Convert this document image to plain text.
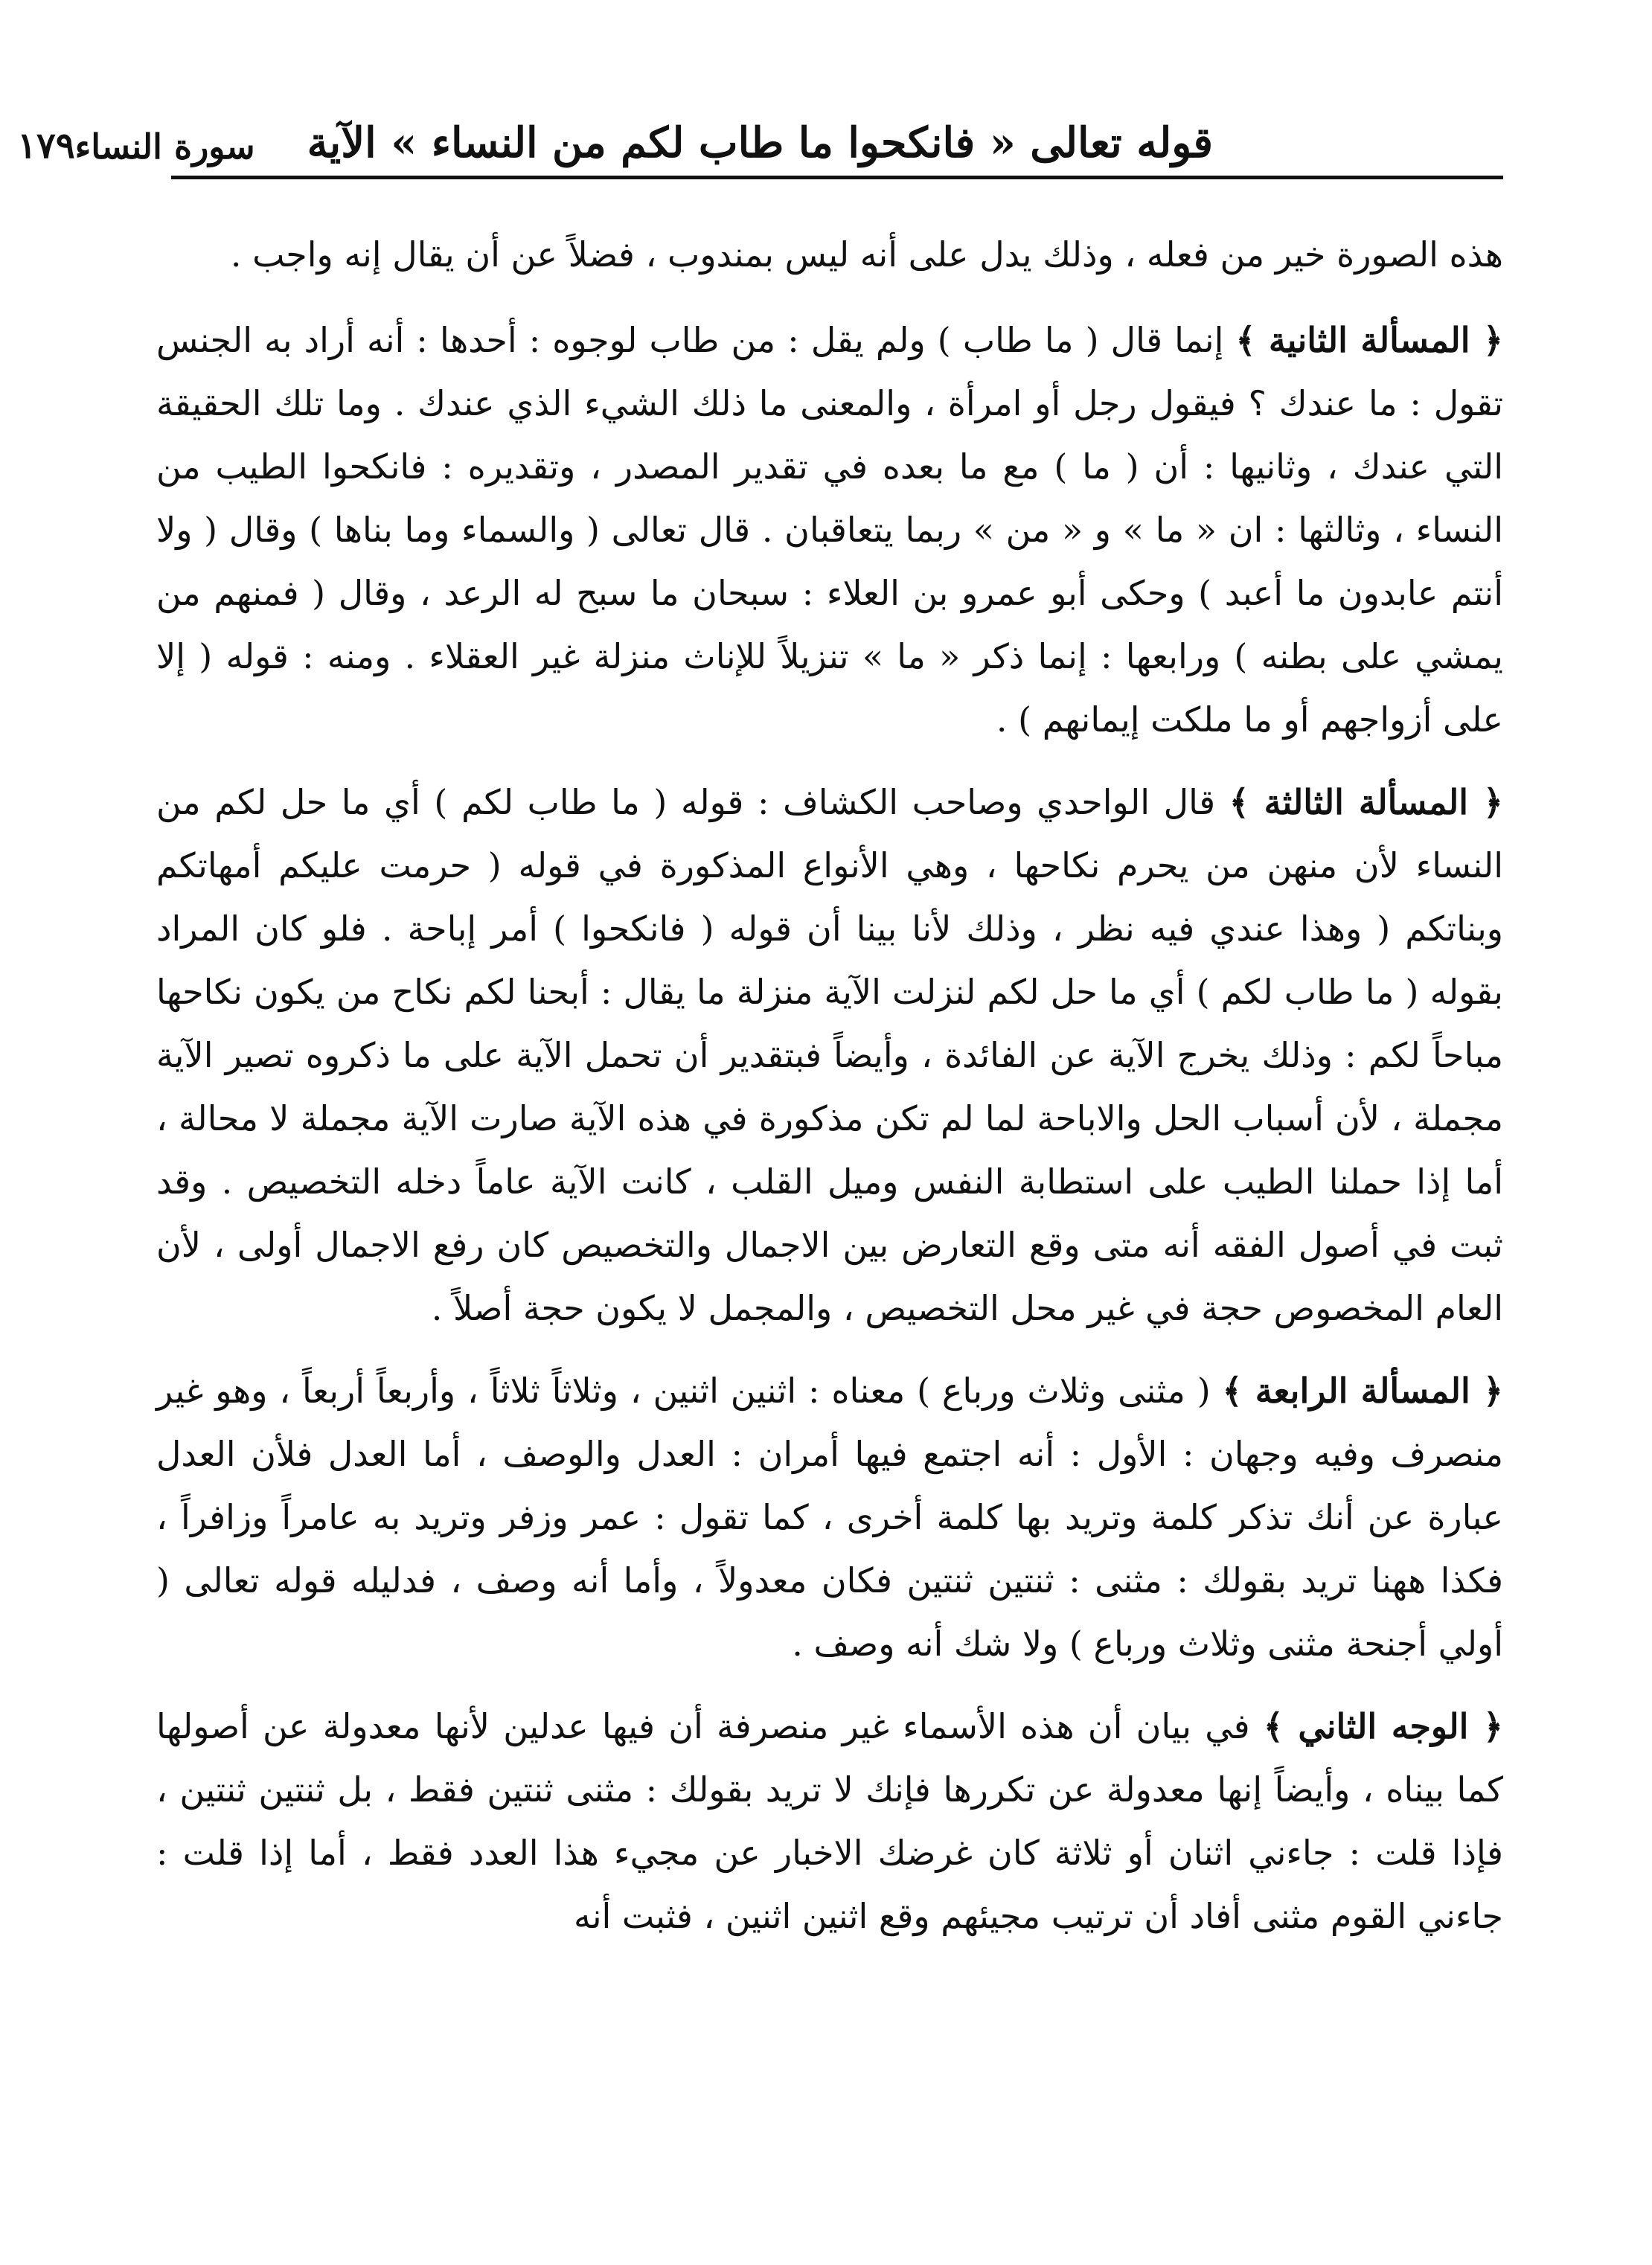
قوله تعالى « فانكحوا ما طاب لكم من النساء » الآية
سورة النساء
١٧٩

هذه الصورة خير من فعله ، وذلك يدل على أنه ليس بمندوب ، فضلاً عن أن يقال إنه واجب .

﴿ المسألة الثانية ﴾ إنما قال ( ما طاب ) ولم يقل : من طاب لوجوه : أحدها : أنه أراد به الجنس تقول : ما عندك ؟ فيقول رجل أو امرأة ، والمعنى ما ذلك الشيء الذي عندك . وما تلك الحقيقة التي عندك ، وثانيها : أن ( ما ) مع ما بعده في تقدير المصدر ، وتقديره : فانكحوا الطيب من النساء ، وثالثها : ان « ما » و « من » ربما يتعاقبان . قال تعالى ( والسماء وما بناها ) وقال ( ولا أنتم عابدون ما أعبد ) وحكى أبو عمرو بن العلاء : سبحان ما سبح له الرعد ، وقال ( فمنهم من يمشي على بطنه ) ورابعها : إنما ذكر « ما » تنزيلاً للإناث منزلة غير العقلاء . ومنه : قوله ( إلا على أزواجهم أو ما ملكت إيمانهم ) .

﴿ المسألة الثالثة ﴾ قال الواحدي وصاحب الكشاف : قوله ( ما طاب لكم ) أي ما حل لكم من النساء لأن منهن من يحرم نكاحها ، وهي الأنواع المذكورة في قوله ( حرمت عليكم أمهاتكم وبناتكم ( وهذا عندي فيه نظر ، وذلك لأنا بينا أن قوله ( فانكحوا ) أمر إباحة . فلو كان المراد بقوله ( ما طاب لكم ) أي ما حل لكم لنزلت الآية منزلة ما يقال : أبحنا لكم نكاح من يكون نكاحها مباحاً لكم : وذلك يخرج الآية عن الفائدة ، وأيضاً فبتقدير أن تحمل الآية على ما ذكروه تصير الآية مجملة ، لأن أسباب الحل والاباحة لما لم تكن مذكورة في هذه الآية صارت الآية مجملة لا محالة ، أما إذا حملنا الطيب على استطابة النفس وميل القلب ، كانت الآية عاماً دخله التخصيص . وقد ثبت في أصول الفقه أنه متى وقع التعارض بين الاجمال والتخصيص كان رفع الاجمال أولى ، لأن العام المخصوص حجة في غير محل التخصيص ، والمجمل لا يكون حجة أصلاً .

﴿ المسألة الرابعة ﴾ ( مثنى وثلاث ورباع ) معناه : اثنين اثنين ، وثلاثاً ثلاثاً ، وأربعاً أربعاً ، وهو غير منصرف وفيه وجهان : الأول : أنه اجتمع فيها أمران : العدل والوصف ، أما العدل فلأن العدل عبارة عن أنك تذكر كلمة وتريد بها كلمة أخرى ، كما تقول : عمر وزفر وتريد به عامراً وزافراً ، فكذا ههنا تريد بقولك : مثنى : ثنتين ثنتين فكان معدولاً ، وأما أنه وصف ، فدليله قوله تعالى ( أولي أجنحة مثنى وثلاث ورباع ) ولا شك أنه وصف .

﴿ الوجه الثاني ﴾ في بيان أن هذه الأسماء غير منصرفة أن فيها عدلين لأنها معدولة عن أصولها كما بيناه ، وأيضاً إنها معدولة عن تكررها فإنك لا تريد بقولك : مثنى ثنتين فقط ، بل ثنتين ثنتين ، فإذا قلت : جاءني اثنان أو ثلاثة كان غرضك الاخبار عن مجيء هذا العدد فقط ، أما إذا قلت : جاءني القوم مثنى أفاد أن ترتيب مجيئهم وقع اثنين اثنين ، فثبت أنه
